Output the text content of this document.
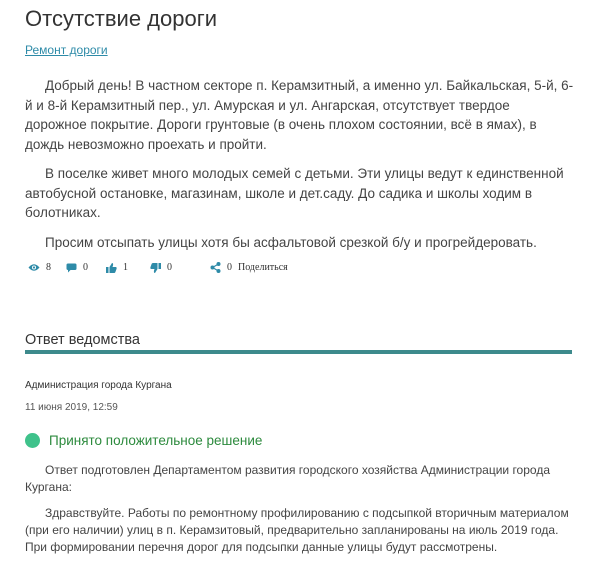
Отсутствие дороги
Ремонт дороги

Добрый день! В частном секторе п. Керамзитный, а именно ул. Байкальская, 5-й, 6-й и 8-й Керамзитный пер., ул. Амурская и ул. Ангарская, отсутствует твердое дорожное покрытие. Дороги грунтовые (в очень плохом состоянии, всё в ямах), в дождь невозможно проехать и пройти.

В поселке живет много молодых семей с детьми. Эти улицы ведут к единственной автобусной остановке, магазинам, школе и дет.саду. До садика и школы ходим в болотниках.

Просим отсыпать улицы хотя бы асфальтовой срезкой б/у и прогрейдеровать.

8	0	1	0	0 Поделиться
Ответ ведомства
Администрация города Кургана
11 июня 2019, 12:59
Принято положительное решение

Ответ подготовлен Департаментом развития городского хозяйства Администрации города Кургана:

Здравствуйте. Работы по ремонтному профилированию с подсыпкой вторичным материалом (при его наличии) улиц в п. Керамзитовый, предварительно запланированы на июль 2019 года. При формировании перечня дорог для подсыпки данные улицы будут рассмотрены.
